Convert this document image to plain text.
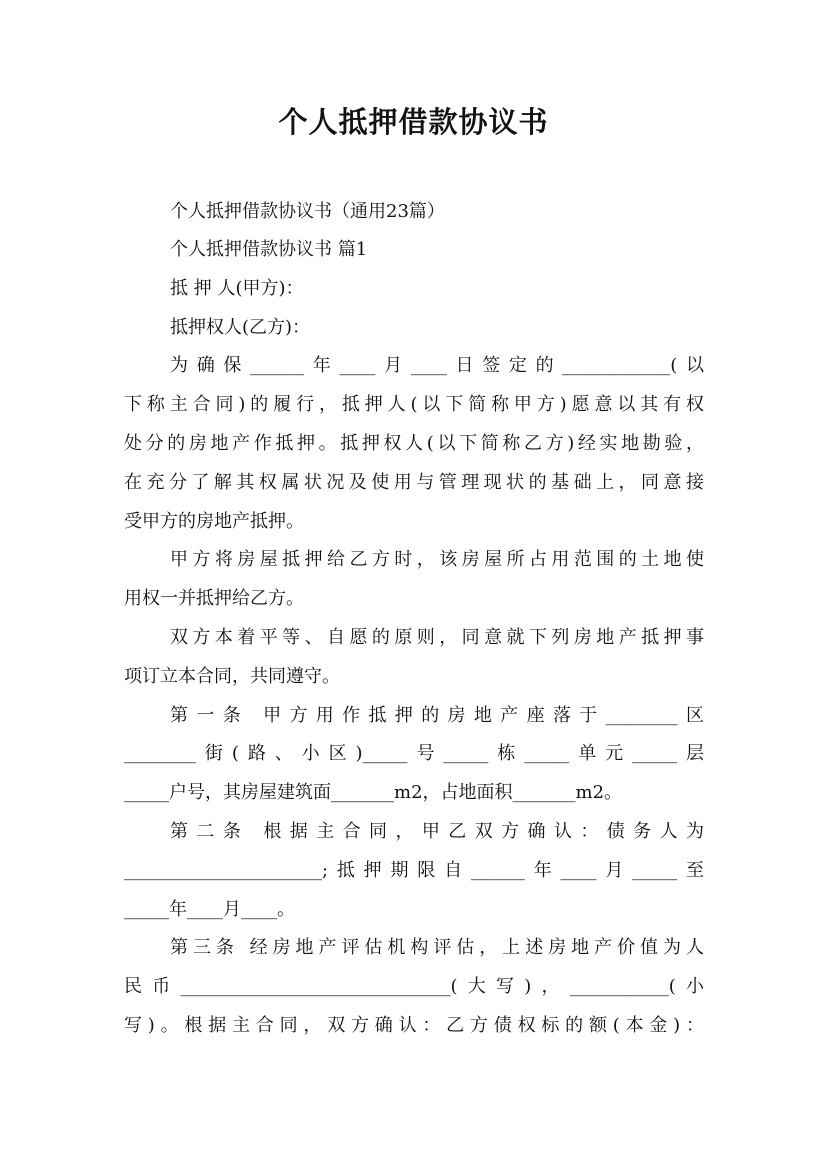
个人抵押借款协议书
个人抵押借款协议书（通用23篇）
个人抵押借款协议书 篇1
抵 押 人(甲方)：
抵押权人(乙方)：
为确保______年____月____日签定的____________(以
下称主合同)的履行，抵押人(以下简称甲方)愿意以其有权
处分的房地产作抵押。抵押权人(以下简称乙方)经实地勘验，
在充分了解其权属状况及使用与管理现状的基础上，同意接
受甲方的房地产抵押。
甲方将房屋抵押给乙方时，该房屋所占用范围的土地使
用权一并抵押给乙方。
双方本着平等、自愿的原则，同意就下列房地产抵押事
项订立本合同，共同遵守。
第一条 甲方用作抵押的房地产座落于________区
________街(路、小区)_____号_____栋_____单元_____层
_____户号，其房屋建筑面_______m2，占地面积_______m2。
第二条 根据主合同，甲乙双方确认：债务人为
______________________;抵押期限自______年____月_____至
_____年____月____。
第三条 经房地产评估机构评估，上述房地产价值为人
民币______________________________(大写)，___________(小
写)。根据主合同，双方确认：乙方债权标的额(本金)：
